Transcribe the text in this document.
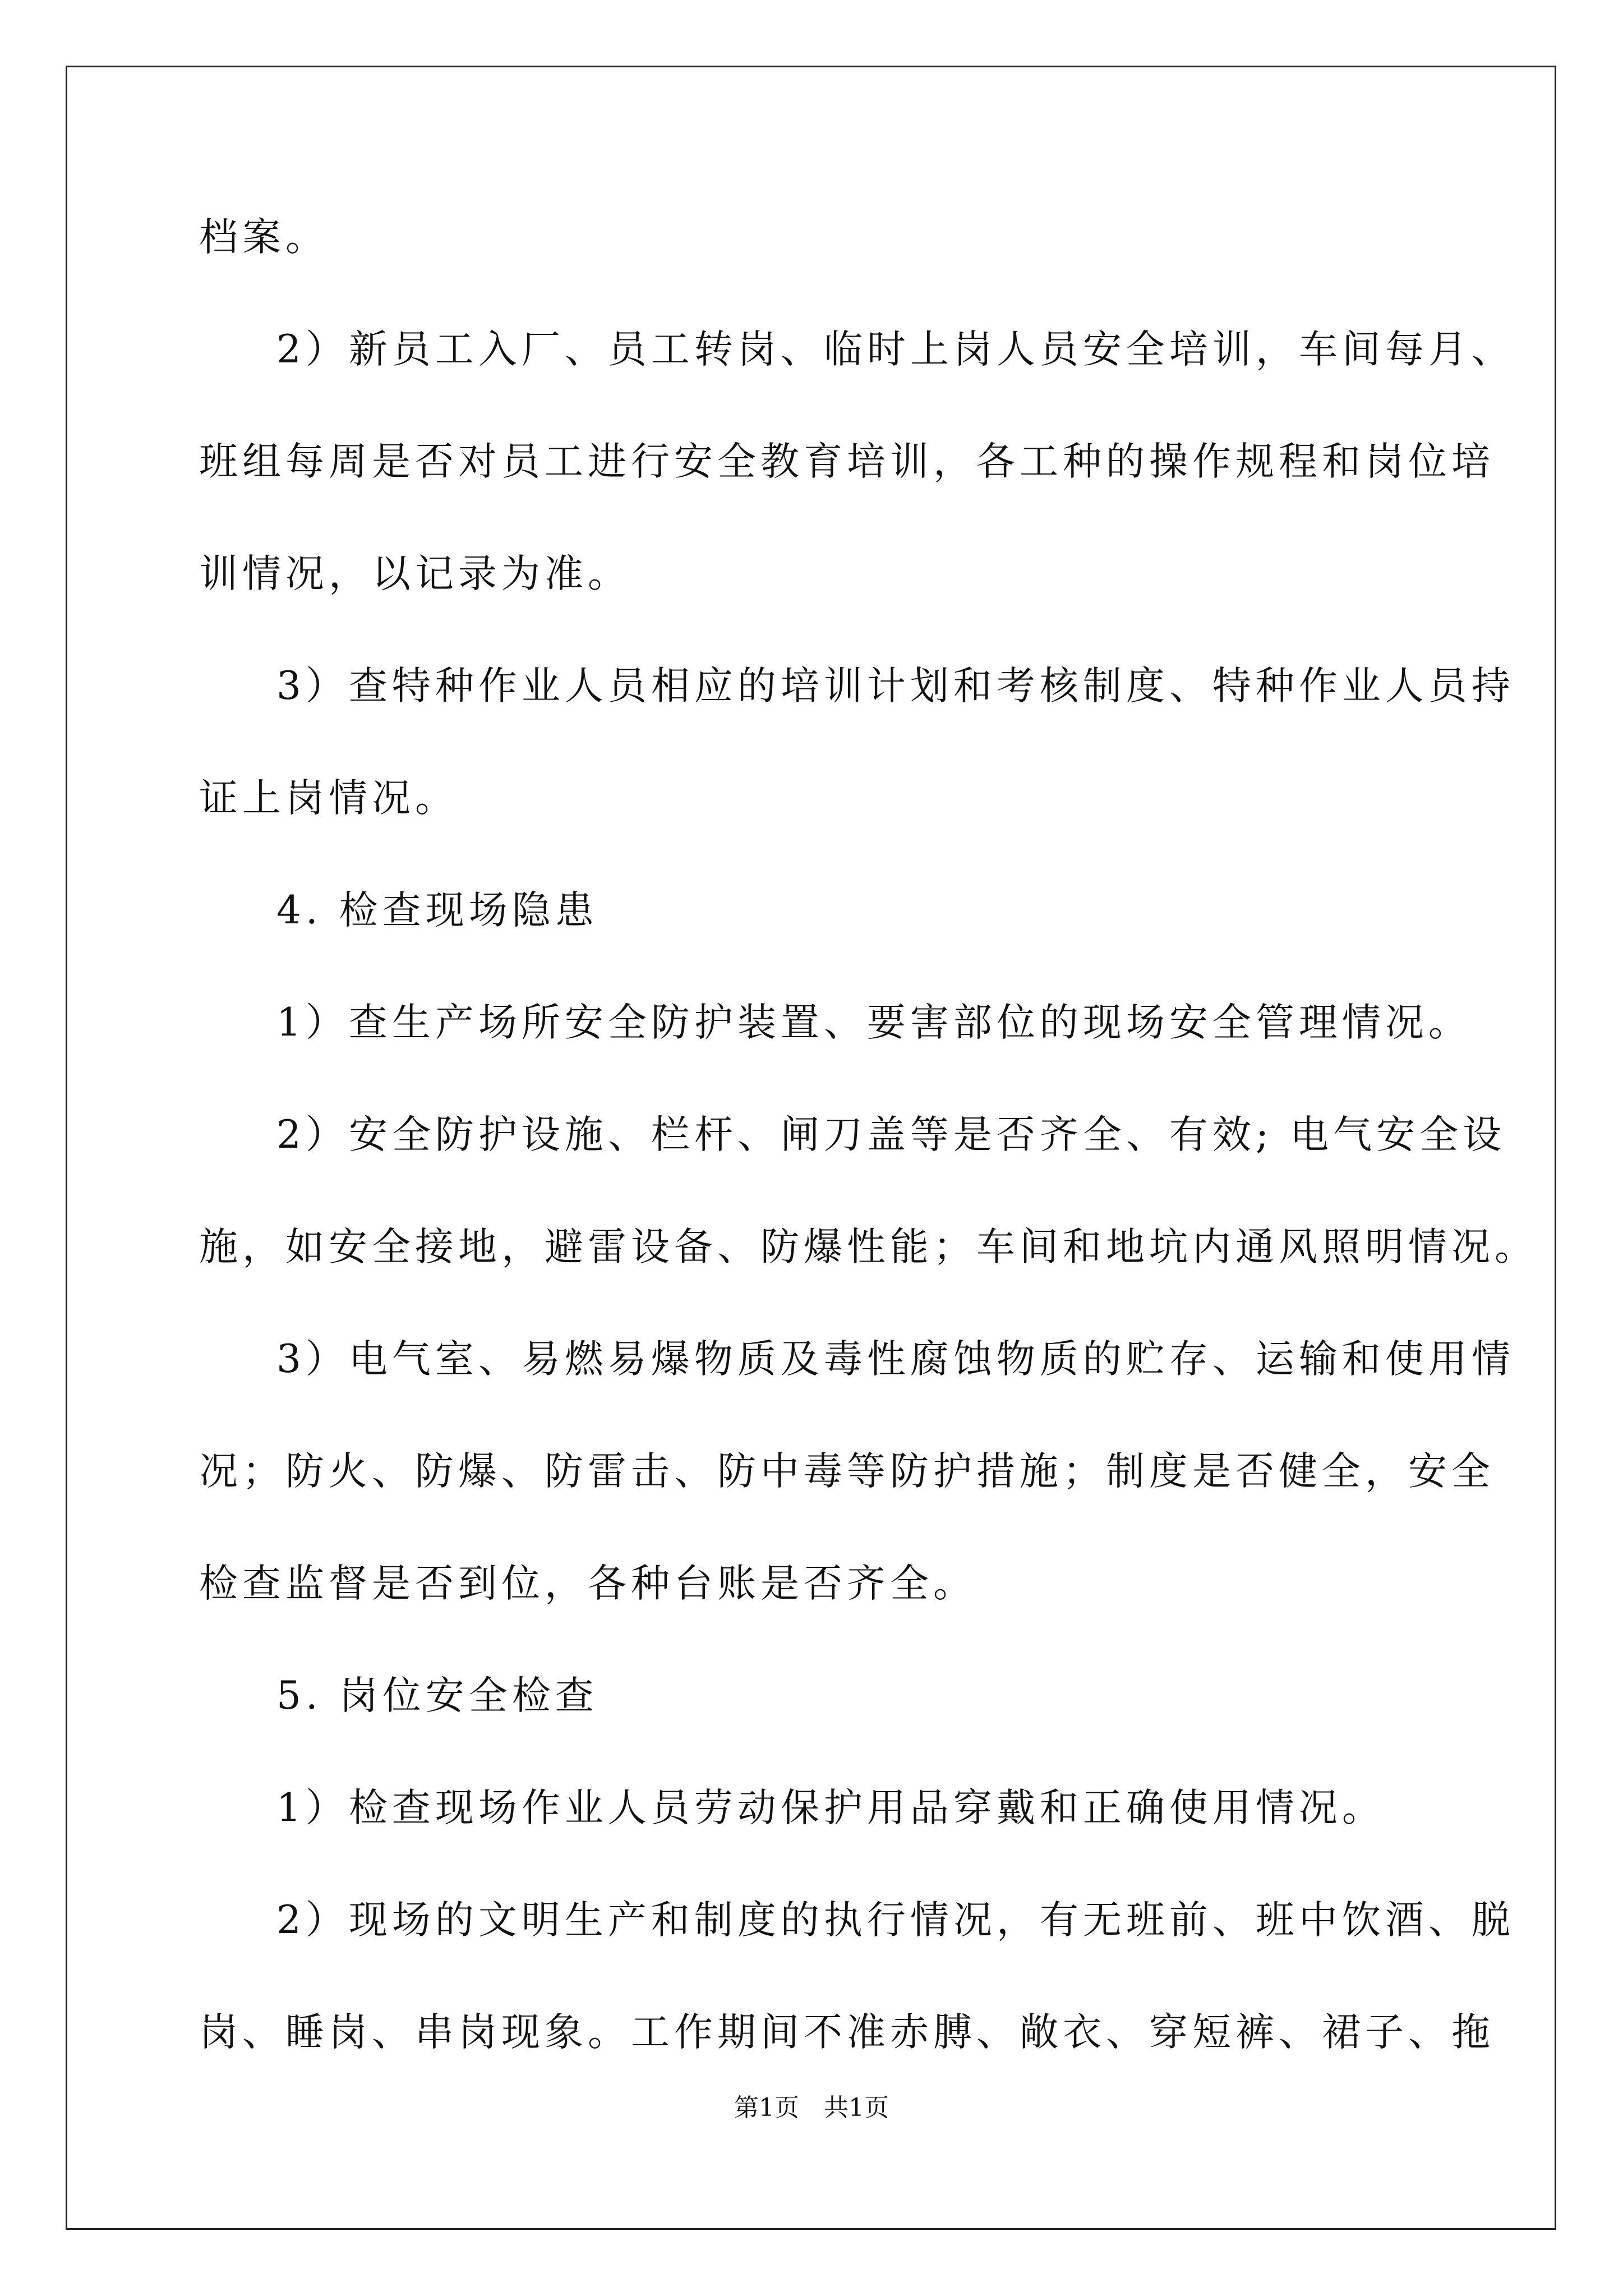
档案。
2）新员工入厂、员工转岗、临时上岗人员安全培训，车间每月、
班组每周是否对员工进行安全教育培训，各工种的操作规程和岗位培
训情况，以记录为准。
3）查特种作业人员相应的培训计划和考核制度、特种作业人员持
证上岗情况。
4. 检查现场隐患
1）查生产场所安全防护装置、要害部位的现场安全管理情况。
2）安全防护设施、栏杆、闸刀盖等是否齐全、有效; 电气安全设
施，如安全接地，避雷设备、防爆性能；车间和地坑内通风照明情况。
3）电气室、易燃易爆物质及毒性腐蚀物质的贮存、运输和使用情
况；防火、防爆、防雷击、防中毒等防护措施；制度是否健全，安全
检查监督是否到位，各种台账是否齐全。
5. 岗位安全检查
1）检查现场作业人员劳动保护用品穿戴和正确使用情况。
2）现场的文明生产和制度的执行情况，有无班前、班中饮酒、脱
岗、睡岗、串岗现象。工作期间不准赤膊、敞衣、穿短裤、裙子、拖
第1页　共1页
